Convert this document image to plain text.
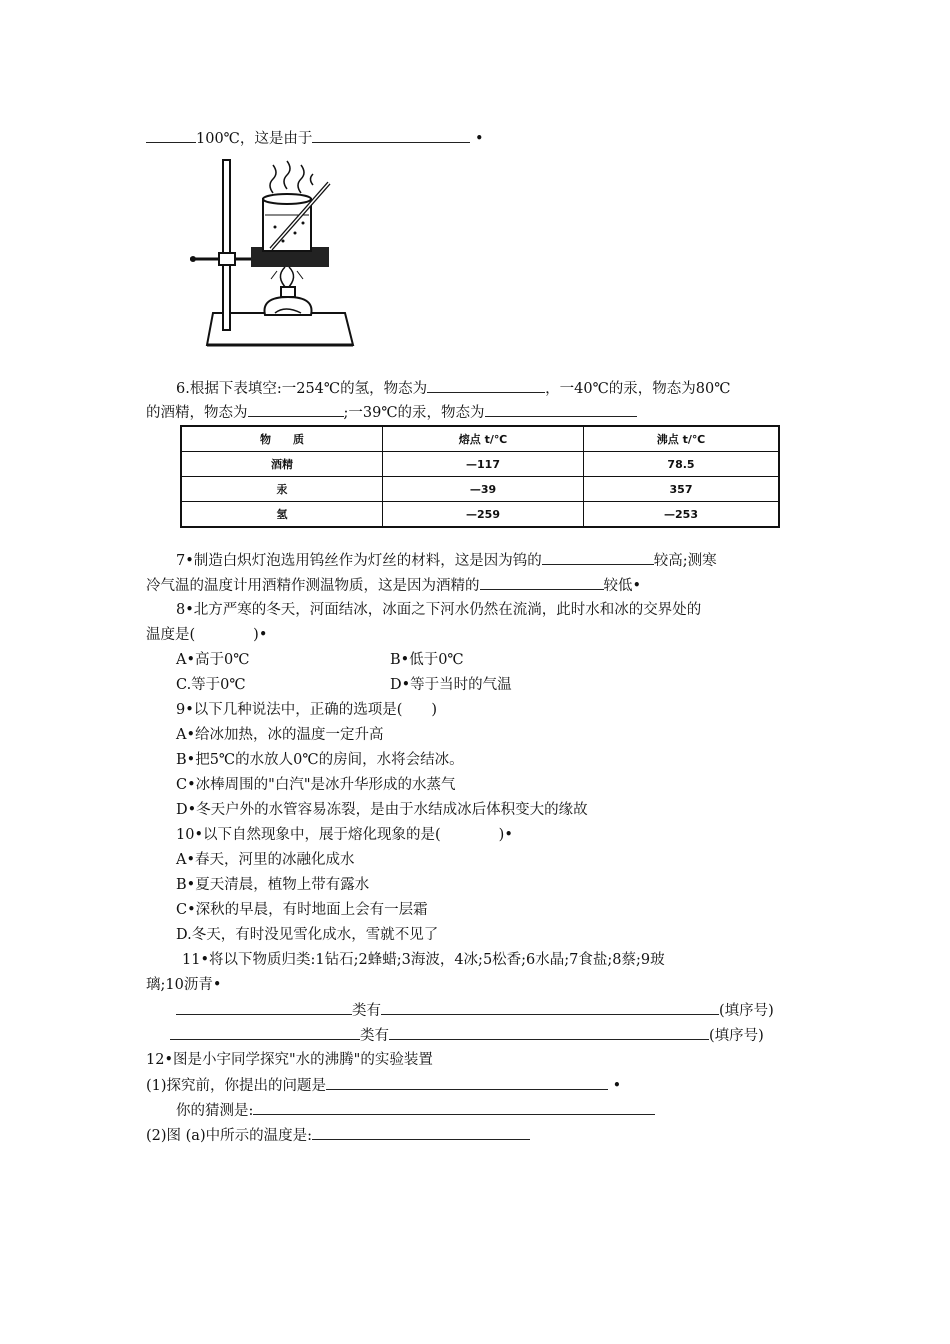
100℃，这是由于	•
6.根据下表填空:一254℃的氢，物态为	，一40℃的汞，物态为80℃
的酒精，物态为	;一39℃的汞，物态为
物　　质	熔点 t/℃	沸点 t/℃
酒精	—117	78.5
汞	—39	357
氢	—259	—253
7•制造白炽灯泡选用钨丝作为灯丝的材料，这是因为钨的	较高;测寒
冷气温的温度计用酒精作测温物质，这是因为酒精的	较低•
8•北方严寒的冬天，河面结冰，冰面之下河水仍然在流淌，此时水和冰的交界处的
温度是(　　　　)•
A•高于0℃	B•低于0℃
C.等于0℃	D•等于当时的气温
9•以下几种说法中，正确的选项是(　　)
A•给冰加热，冰的温度一定升高
B•把5℃的水放人0℃的房间，水将会结冰。
C•冰棒周围的"白汽"是冰升华形成的水蒸气
D•冬天户外的水管容易冻裂，是由于水结成冰后体积变大的缘故
10•以下自然现象中，展于熔化现象的是(　　　　)•
A•春天，河里的冰融化成水
B•夏天清晨，植物上带有露水
C•深秋的早晨，有时地面上会有一层霜
D.冬天，有时没见雪化成水，雪就不见了
11•将以下物质归类:1钻石;2蜂蜡;3海波，4冰;5松香;6水晶;7食盐;8蔡;9玻
璃;10沥青•
类有	(填序号)
类有	(填序号)
12•图是小宇同学探究"水的沸腾"的实验装置
(1)探究前，你提出的问题是	•
你的猜测是:
(2)图 (a)中所示的温度是:
